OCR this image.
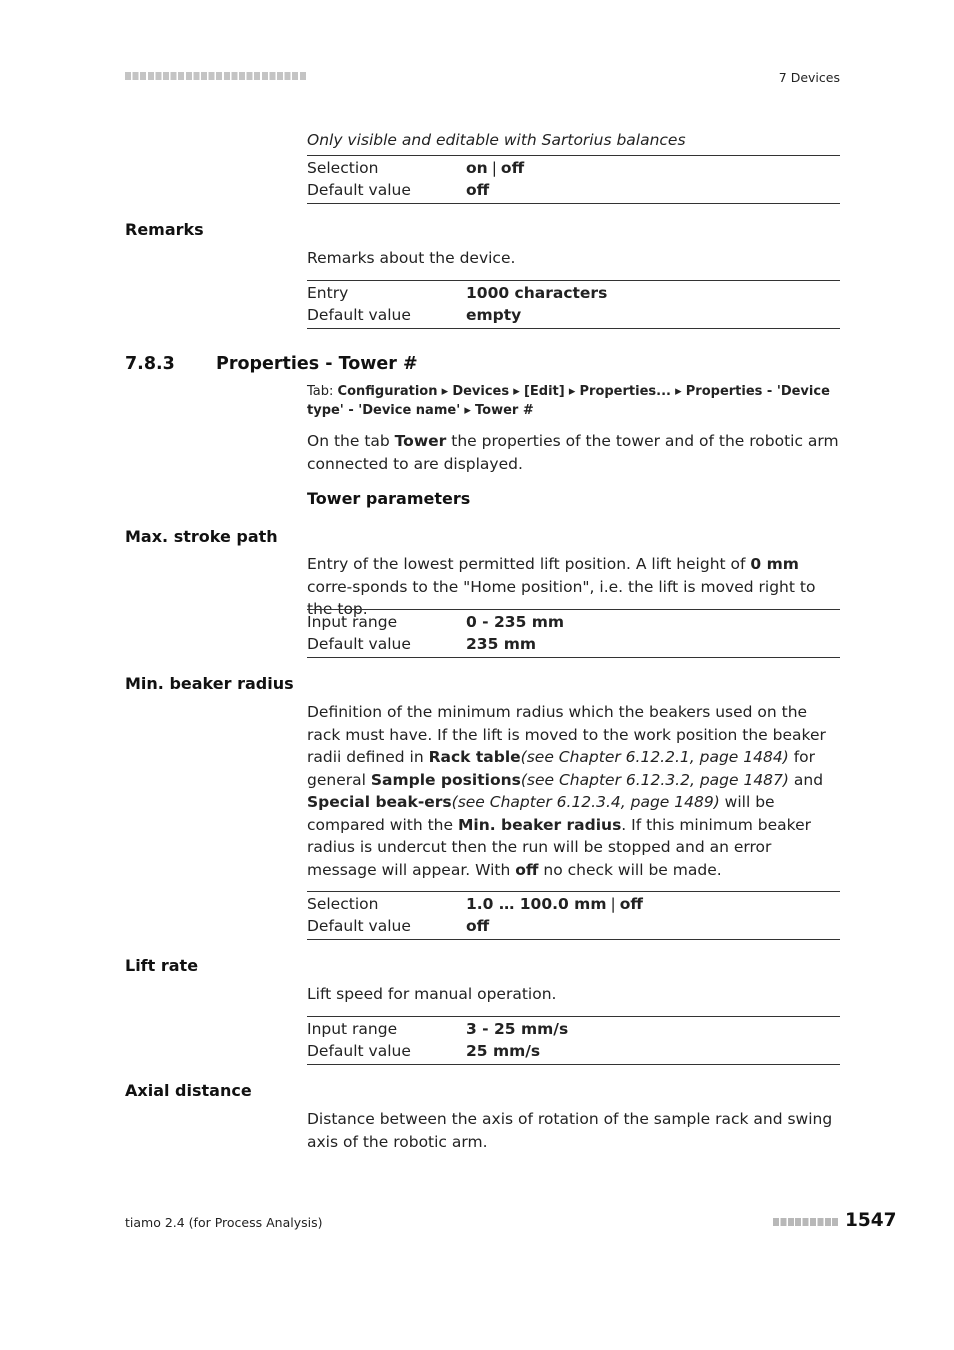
7 Devices
Only visible and editable with Sartorius balances
Selection	on | off
Default value	off
Remarks
Remarks about the device.
Entry	1000 characters
Default value	empty
7.8.3 Properties - Tower #
Tab: Configuration ▸ Devices ▸ [Edit] ▸ Properties... ▸ Properties - 'Device type' - 'Device name' ▸ Tower #
On the tab Tower the properties of the tower and of the robotic arm connected to are displayed.
Tower parameters
Max. stroke path
Entry of the lowest permitted lift position. A lift height of 0 mm corre-sponds to the "Home position", i.e. the lift is moved right to the top.
Input range	0 - 235 mm
Default value	235 mm
Min. beaker radius
Definition of the minimum radius which the beakers used on the rack must have. If the lift is moved to the work position the beaker radii defined in Rack table(see Chapter 6.12.2.1, page 1484) for general Sample positions(see Chapter 6.12.3.2, page 1487) and Special beak-ers(see Chapter 6.12.3.4, page 1489) will be compared with the Min. beaker radius. If this minimum beaker radius is undercut then the run will be stopped and an error message will appear. With off no check will be made.
Selection	1.0 … 100.0 mm | off
Default value	off
Lift rate
Lift speed for manual operation.
Input range	3 - 25 mm/s
Default value	25 mm/s
Axial distance
Distance between the axis of rotation of the sample rack and swing axis of the robotic arm.
tiamo 2.4 (for Process Analysis)	1547
